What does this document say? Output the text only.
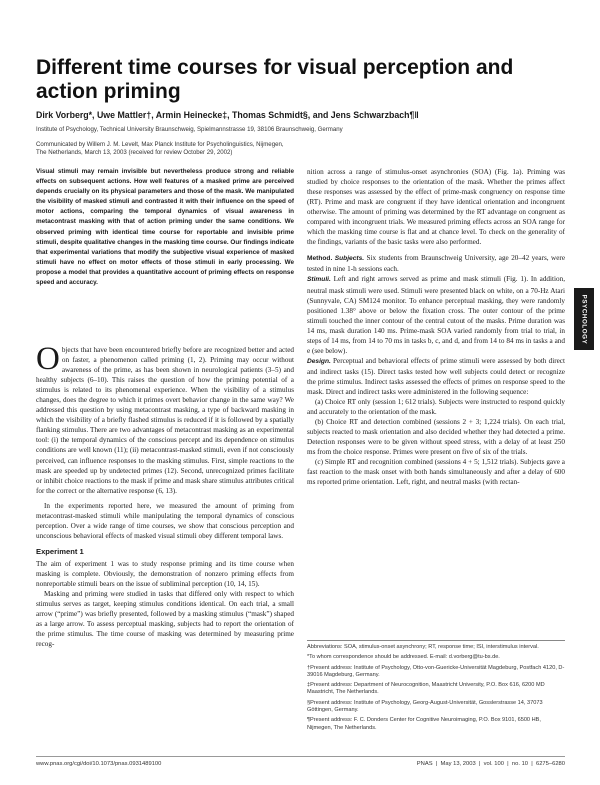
Different time courses for visual perception and action priming
Dirk Vorberg*, Uwe Mattler†, Armin Heinecke‡, Thomas Schmidt§, and Jens Schwarzbach¶‖
Institute of Psychology, Technical University Braunschweig, Spielmannstrasse 19, 38106 Braunschweig, Germany
Communicated by Willem J. M. Levelt, Max Planck Institute for Psycholinguistics, Nijmegen, The Netherlands, March 13, 2003 (received for review October 29, 2002)
Visual stimuli may remain invisible but nevertheless produce strong and reliable effects on subsequent actions. How well features of a masked prime are perceived depends crucially on its physical parameters and those of the mask. We manipulated the visibility of masked stimuli and contrasted it with their influence on the speed of motor actions, comparing the temporal dynamics of visual awareness in metacontrast masking with that of action priming under the same conditions. We observed priming with identical time course for reportable and invisible prime stimuli, despite qualitative changes in the masking time course. Our findings indicate that experimental variations that modify the subjective visual experience of masked stimuli have no effect on motor effects of those stimuli in early processing. We propose a model that provides a quantitative account of priming effects on response speed and accuracy.

Objects that have been encountered briefly before are recognized better and acted on faster, a phenomenon called priming (1, 2). Priming may occur without awareness of the prime, as has been shown in neurological patients (3–5) and healthy subjects (6–10). This raises the question of how the priming potential of a stimulus is related to its phenomenal experience. When the visibility of a stimulus changes, does the degree to which it primes overt behavior change in the same way? We addressed this question by using metacontrast masking, a type of backward masking in which the visibility of a briefly flashed stimulus is reduced if it is followed by a spatially flanking stimulus. There are two advantages of metacontrast masking as an experimental tool: (i) the temporal dynamics of the conscious percept and its dependence on stimulus conditions are well known (11); (ii) metacontrast-masked stimuli, even if not consciously perceived, can influence responses to the masking stimulus. First, simple reactions to the mask are speeded up by undetected primes (12). Second, unrecognized primes facilitate or inhibit choice reactions to the mask if prime and mask share stimulus attributes critical for the correct or the alternative response (6, 13).

In the experiments reported here, we measured the amount of priming from metacontrast-masked stimuli while manipulating the temporal dynamics of conscious perception. Over a wide range of time courses, we show that conscious perception and unconscious behavioral effects of masked visual stimuli obey different temporal laws.

Experiment 1

The aim of experiment 1 was to study response priming and its time course when masking is complete. Obviously, the demonstration of nonzero priming effects from nonreportable stimuli bears on the issue of subliminal perception (10, 14, 15).

Masking and priming were studied in tasks that differed only with respect to which stimulus serves as target, keeping stimulus conditions identical. On each trial, a small arrow (“prime”) was briefly presented, followed by a masking stimulus (“mask”) shaped as a large arrow. To assess perceptual masking, subjects had to report the orientation of the prime stimulus. The time course of masking was determined by measuring prime recog-

nition across a range of stimulus-onset asynchronies (SOA) (Fig. 1a). Priming was studied by choice responses to the orientation of the mask. Whether the primes affect these responses was assessed by the effect of prime-mask congruency on response time (RT). Prime and mask are congruent if they have identical orientation and incongruent otherwise. The amount of priming was determined by the RT advantage on congruent as compared with incongruent trials. We measured priming effects across an SOA range for which the masking time course is flat and at chance level. To check on the generality of the findings, variants of the basic tasks were also performed.

Method. Subjects. Six students from Braunschweig University, age 20–42 years, were tested in nine 1-h sessions each.

Stimuli. Left and right arrows served as prime and mask stimuli (Fig. 1). In addition, neutral mask stimuli were used. Stimuli were presented black on white, on a 70-Hz Atari (Sunnyvale, CA) SM124 monitor. To enhance perceptual masking, they were randomly positioned 1.38° above or below the fixation cross. The outer contour of the prime stimuli touched the inner contour of the central cutout of the masks. Prime duration was 14 ms, mask duration 140 ms. Prime-mask SOA varied randomly from trial to trial, in steps of 14 ms, from 14 to 70 ms in tasks b, c, and d, and from 14 to 84 ms in tasks a and e (see below).

Design. Perceptual and behavioral effects of prime stimuli were assessed by both direct and indirect tasks (15). Direct tasks tested how well subjects could detect or recognize the prime stimulus. Indirect tasks assessed the effects of primes on response speed to the mask. Direct and indirect tasks were administered in the following sequence:

(a) Choice RT only (session 1; 612 trials). Subjects were instructed to respond quickly and accurately to the orientation of the mask.

(b) Choice RT and detection combined (sessions 2 + 3; 1,224 trials). On each trial, subjects reacted to mask orientation and also decided whether they had detected a prime. Detection responses were to be given without speed stress, with a delay of at least 250 ms from the choice response. Primes were present on five of six of the trials.

(c) Simple RT and recognition combined (sessions 4 + 5; 1,512 trials). Subjects gave a fast reaction to the mask onset with both hands simultaneously and after a delay of 600 ms reported prime orientation. Left, right, and neutral masks (with rectan-

Abbreviations: SOA, stimulus-onset asynchrony; RT, response time; ISI, interstimulus interval.

*To whom correspondence should be addressed. E-mail: d.vorberg@tu-bs.de.

†Present address: Institute of Psychology, Otto-von-Guericke-Universität Magdeburg, Postfach 4120, D-39016 Magdeburg, Germany.

‡Present address: Department of Neurocognition, Maastricht University, P.O. Box 616, 6200 MD Maastricht, The Netherlands.

§Present address: Institute of Psychology, Georg-August-Universität, Gosslerstrasse 14, 37073 Göttingen, Germany.

¶Present address: F. C. Donders Center for Cognitive Neuroimaging, P.O. Box 9101, 6500 HB, Nijmegen, The Netherlands.

PSYCHOLOGY
www.pnas.org/cgi/doi/10.1073/pnas.0931489100	PNAS  |  May 13, 2003  |  vol. 100  |  no. 10  |  6275–6280
